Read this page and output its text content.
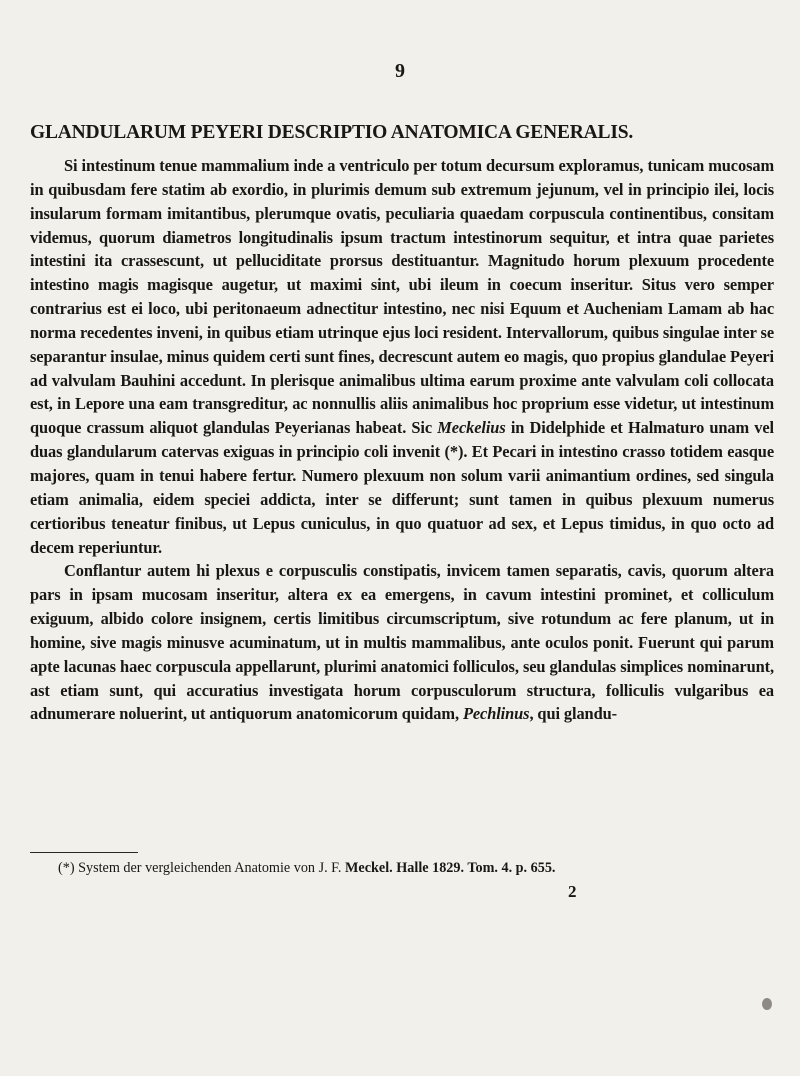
9
GLANDULARUM PEYERI DESCRIPTIO ANATOMICA GENERALIS.

Si intestinum tenue mammalium inde a ventriculo per totum decursum exploramus, tunicam mucosam in quibusdam fere statim ab exordio, in plurimis demum sub extremum jejunum, vel in principio ilei, locis insularum formam imitantibus, plerumque ovatis, peculiaria quaedam corpuscula continentibus, consitam videmus, quorum diametros longitudinalis ipsum tractum intestinorum sequitur, et intra quae parietes intestini ita crassescunt, ut pelluciditate prorsus destituantur. Magnitudo horum plexuum procedente intestino magis magisque augetur, ut maximi sint, ubi ileum in coecum inseritur. Situs vero semper contrarius est ei loco, ubi peritonaeum adnectitur intestino, nec nisi Equum et Aucheniam Lamam ab hac norma recedentes inveni, in quibus etiam utrinque ejus loci resident. Intervallorum, quibus singulae inter se separantur insulae, minus quidem certi sunt fines, decrescunt autem eo magis, quo propius glandulae Peyeri ad valvulam Bauhini accedunt. In plerisque animalibus ultima earum proxime ante valvulam coli collocata est, in Lepore una eam transgreditur, ac nonnullis aliis animalibus hoc proprium esse videtur, ut intestinum quoque crassum aliquot glandulas Peyerianas habeat. Sic Meckelius in Didelphide et Halmaturo unam vel duas glandularum catervas exiguas in principio coli invenit (*). Et Pecari in intestino crasso totidem easque majores, quam in tenui habere fertur. Numero plexuum non solum varii animantium ordines, sed singula etiam animalia, eidem speciei addicta, inter se differunt; sunt tamen in quibus plexuum numerus certioribus teneatur finibus, ut Lepus cuniculus, in quo quatuor ad sex, et Lepus timidus, in quo octo ad decem reperiuntur.

Conflantur autem hi plexus e corpusculis constipatis, invicem tamen separatis, cavis, quorum altera pars in ipsam mucosam inseritur, altera ex ea emergens, in cavum intestini prominet, et colliculum exiguum, albido colore insignem, certis limitibus circumscriptum, sive rotundum ac fere planum, ut in homine, sive magis minusve acuminatum, ut in multis mammalibus, ante oculos ponit. Fuerunt qui parum apte lacunas haec corpuscula appellarunt, plurimi anatomici folliculos, seu glandulas simplices nominarunt, ast etiam sunt, qui accuratius investigata horum corpusculorum structura, folliculis vulgaribus ea adnumerare noluerint, ut antiquorum anatomicorum quidam, Pechlinus, qui glandu-

(*) System der vergleichenden Anatomie von J. F. Meckel. Halle 1829. Tom. 4. p. 655.
2
